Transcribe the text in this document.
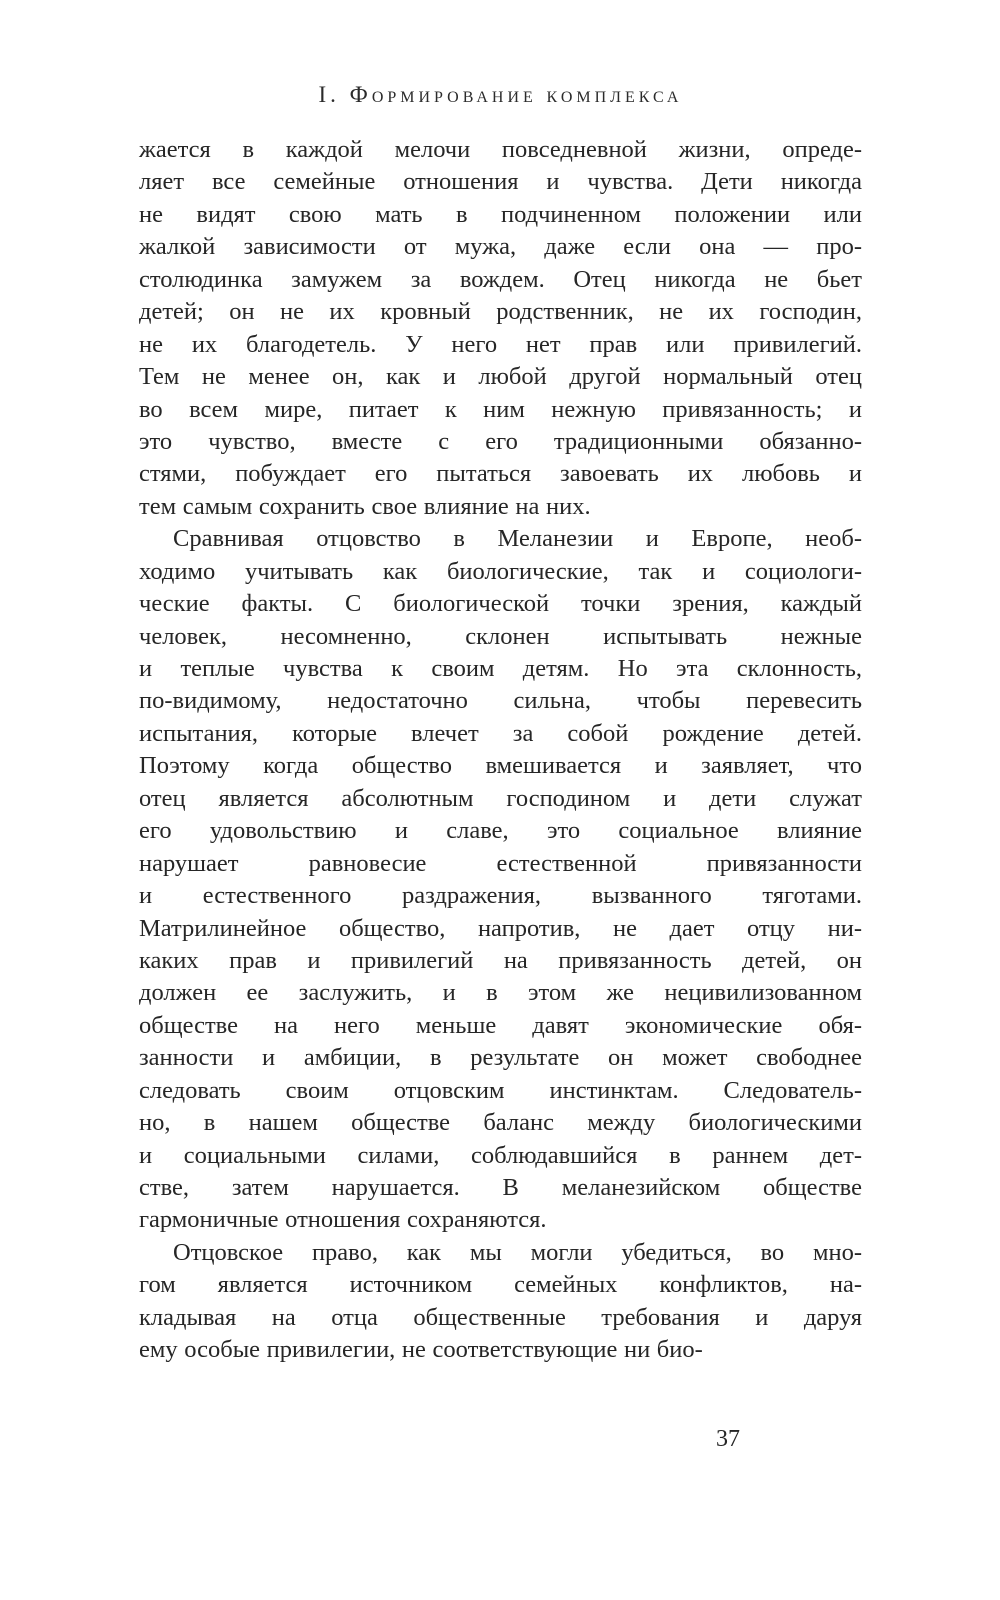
I. Формирование комплекса
жается в каждой мелочи повседневной жизни, опреде-
ляет все семейные отношения и чувства. Дети никогда
не видят свою мать в подчиненном положении или
жалкой зависимости от мужа, даже если она — про-
столюдинка замужем за вождем. Отец никогда не бьет
детей; он не их кровный родственник, не их господин,
не их благодетель. У него нет прав или привилегий.
Тем не менее он, как и любой другой нормальный отец
во всем мире, питает к ним нежную привязанность; и
это чувство, вместе с его традиционными обязанно-
стями, побуждает его пытаться завоевать их любовь и
тем самым сохранить свое влияние на них.
Сравнивая отцовство в Меланезии и Европе, необ-
ходимо учитывать как биологические, так и социологи-
ческие факты. С биологической точки зрения, каждый
человек, несомненно, склонен испытывать нежные
и теплые чувства к своим детям. Но эта склонность,
по-видимому, недостаточно сильна, чтобы перевесить
испытания, которые влечет за собой рождение детей.
Поэтому когда общество вмешивается и заявляет, что
отец является абсолютным господином и дети служат
его удовольствию и славе, это социальное влияние
нарушает равновесие естественной привязанности
и естественного раздражения, вызванного тяготами.
Матрилинейное общество, напротив, не дает отцу ни-
каких прав и привилегий на привязанность детей, он
должен ее заслужить, и в этом же нецивилизованном
обществе на него меньше давят экономические обя-
занности и амбиции, в результате он может свободнее
следовать своим отцовским инстинктам. Следователь-
но, в нашем обществе баланс между биологическими
и социальными силами, соблюдавшийся в раннем дет-
стве, затем нарушается. В меланезийском обществе
гармоничные отношения сохраняются.
Отцовское право, как мы могли убедиться, во мно-
гом является источником семейных конфликтов, на-
кладывая на отца общественные требования и даруя
ему особые привилегии, не соответствующие ни био-
37
